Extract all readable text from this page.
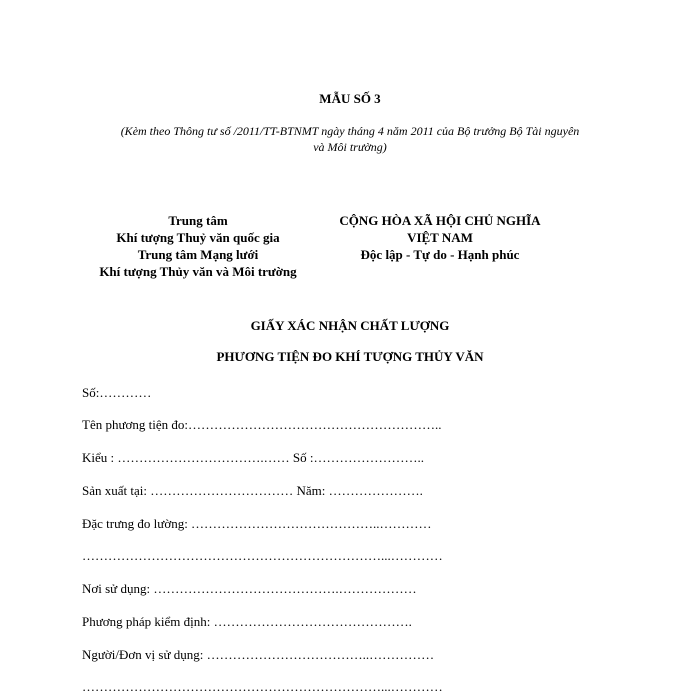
MẪU SỐ 3
(Kèm theo Thông tư số /2011/TT-BTNMT ngày tháng 4 năm 2011 của Bộ trưởng Bộ Tài nguyên
và Môi trường)
Trung tâm
Khí tượng Thuỷ văn quốc gia
Trung tâm Mạng lưới
Khí tượng Thủy văn và Môi trường
CỘNG HÒA XÃ HỘI CHỦ NGHĨA
VIỆT NAM
Độc lập - Tự do - Hạnh phúc
GIẤY XÁC NHẬN CHẤT LƯỢNG
PHƯƠNG TIỆN ĐO KHÍ TƯỢNG THỦY VĂN
Số:…………
Tên phương tiện đo:…………………………………………………..
Kiểu : …………………………….…… Số :……………………..
Sản xuất tại: …………………………… Năm: ………………….
Đặc trưng đo lường: ……………………………………..…………
……………………………………………………………...…………
Nơi sử dụng: …………………………………….………………
Phương pháp kiểm định: ……………………………………….
Người/Đơn vị sử dụng: ………………………………..……………
……………………………………………………………...…………
